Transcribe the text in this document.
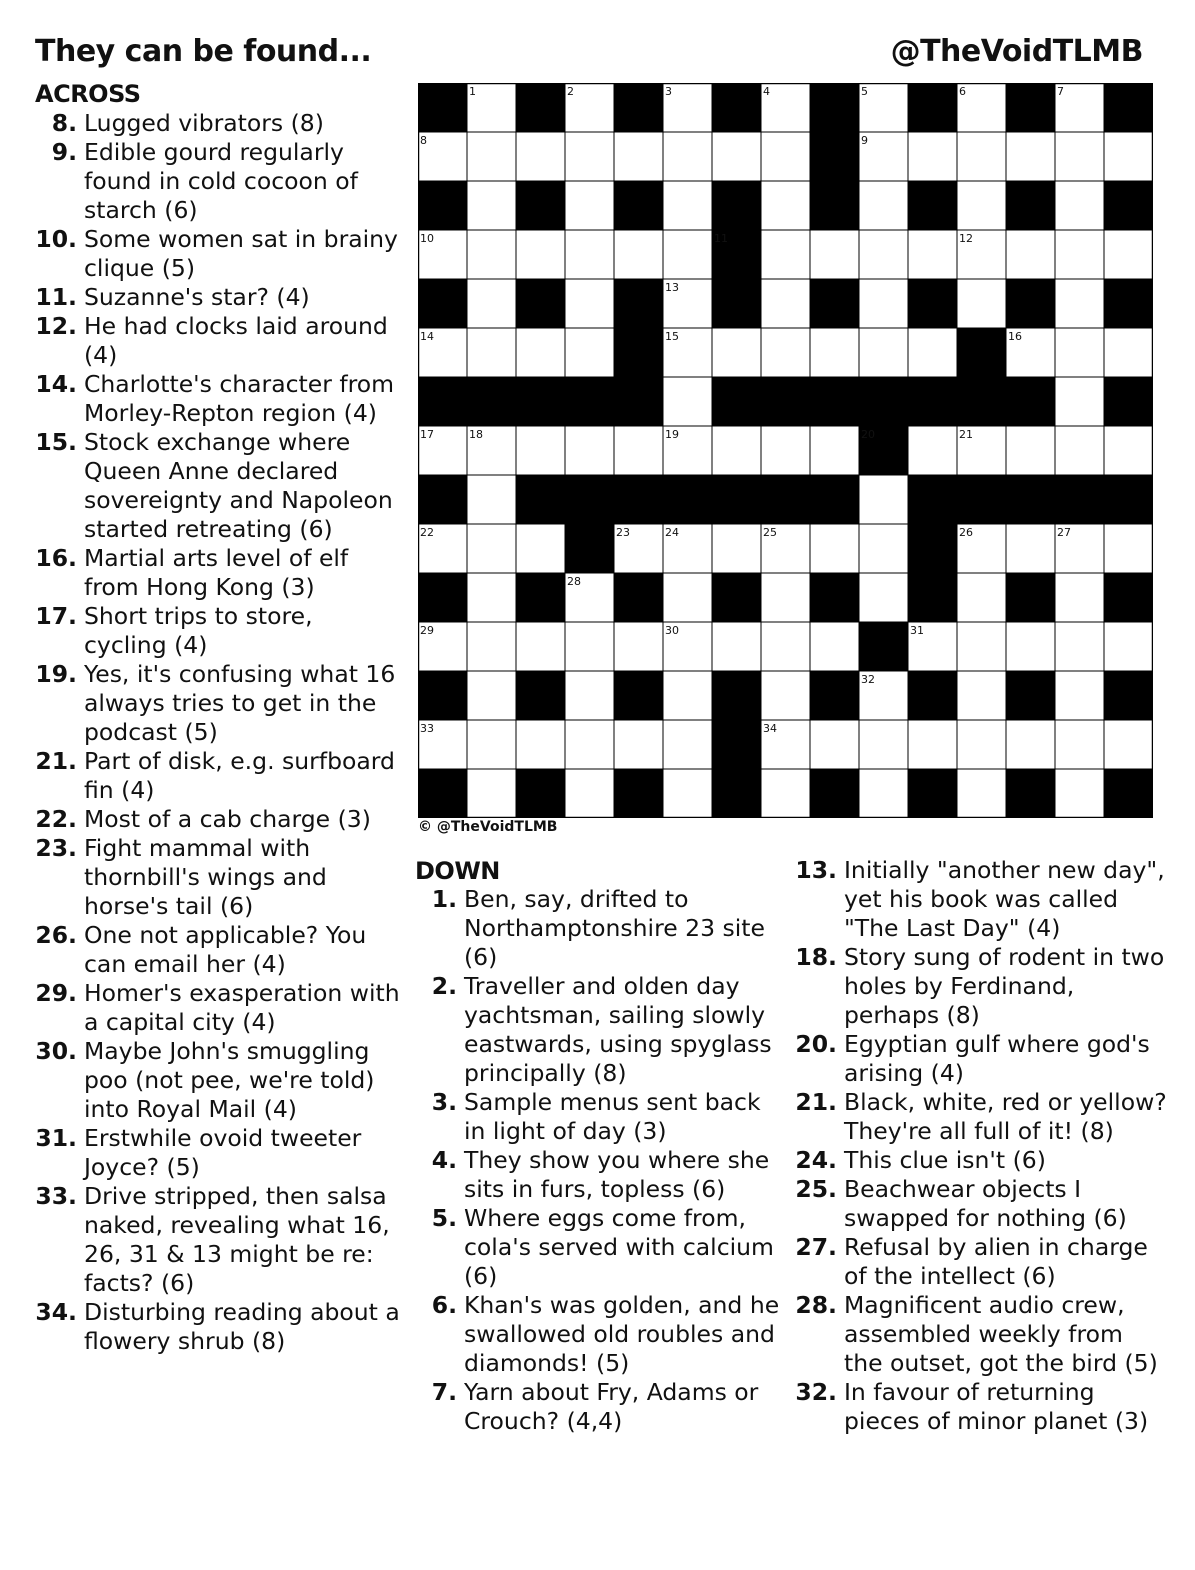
They can be found...	@TheVoidTLMB
ACROSS
8. Lugged vibrators (8)
9. Edible gourd regularly found in cold cocoon of starch (6)
10. Some women sat in brainy clique (5)
11. Suzanne's star? (4)
12. He had clocks laid around (4)
14. Charlotte's character from Morley-Repton region (4)
15. Stock exchange where Queen Anne declared sovereignty and Napoleon started retreating (6)
16. Martial arts level of elf from Hong Kong (3)
17. Short trips to store, cycling (4)
19. Yes, it's confusing what 16 always tries to get in the podcast (5)
21. Part of disk, e.g. surfboard fin (4)
22. Most of a cab charge (3)
23. Fight mammal with thornbill's wings and horse's tail (6)
26. One not applicable? You can email her (4)
29. Homer's exasperation with a capital city (4)
30. Maybe John's smuggling poo (not pee, we're told) into Royal Mail (4)
31. Erstwhile ovoid tweeter Joyce? (5)
33. Drive stripped, then salsa naked, revealing what 16, 26, 31 & 13 might be re: facts? (6)
34. Disturbing reading about a flowery shrub (8)
1	2	3	4	5	6	7
8	9
10	11	12
13
14	15	16
17	18	19	20	21
22	23	24	25	26	27
28
29	30	31
32
33	34
© @TheVoidTLMB
DOWN
1. Ben, say, drifted to Northamptonshire 23 site (6)
2. Traveller and olden day yachtsman, sailing slowly eastwards, using spyglass principally (8)
3. Sample menus sent back in light of day (3)
4. They show you where she sits in furs, topless (6)
5. Where eggs come from, cola's served with calcium (6)
6. Khan's was golden, and he swallowed old roubles and diamonds! (5)
7. Yarn about Fry, Adams or Crouch? (4,4)
13. Initially "another new day", yet his book was called "The Last Day" (4)
18. Story sung of rodent in two holes by Ferdinand, perhaps (8)
20. Egyptian gulf where god's arising (4)
21. Black, white, red or yellow? They're all full of it! (8)
24. This clue isn't (6)
25. Beachwear objects I swapped for nothing (6)
27. Refusal by alien in charge of the intellect (6)
28. Magnificent audio crew, assembled weekly from the outset, got the bird (5)
32. In favour of returning pieces of minor planet (3)
